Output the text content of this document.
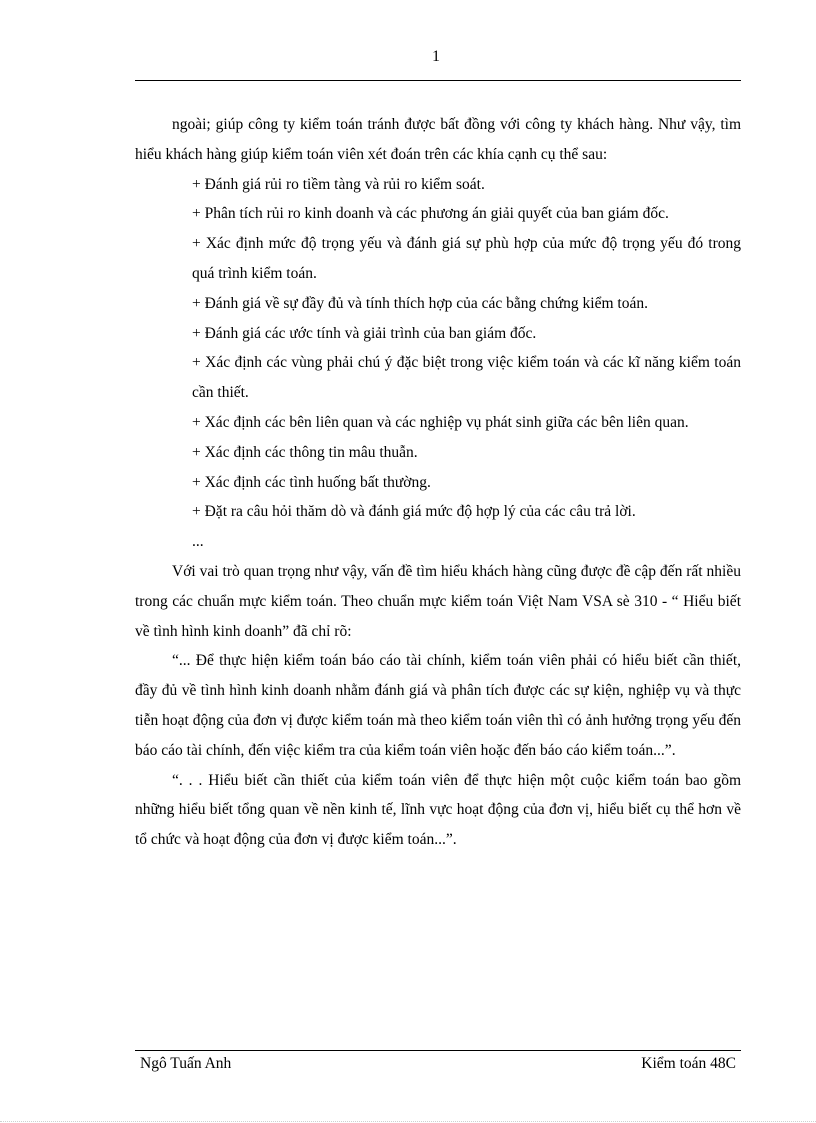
1

ngoài; giúp công ty kiểm toán tránh được bất đồng với công ty khách hàng. Như vậy, tìm hiểu khách hàng giúp kiểm toán viên xét đoán trên các khía cạnh cụ thể sau:

+ Đánh giá rủi ro tiềm tàng và rủi ro kiểm soát.

+ Phân tích rủi ro kinh doanh và các phương án giải quyết của ban giám đốc.

+ Xác định mức độ trọng yếu và đánh giá sự phù hợp của mức độ trọng yếu đó trong quá trình kiểm toán.

+ Đánh giá về sự đầy đủ và tính thích hợp của các bằng chứng kiểm toán.

+ Đánh giá các ước tính và giải trình của ban giám đốc.

+ Xác định các vùng phải chú ý đặc biệt trong việc kiểm toán và các kĩ năng kiểm toán cần thiết.

+ Xác định các bên liên quan và các nghiệp vụ phát sinh giữa các bên liên quan.

+ Xác định các thông tin mâu thuẫn.

+ Xác định các tình huống bất thường.

+ Đặt ra câu hỏi thăm dò và đánh giá mức độ hợp lý của các câu trả lời.

...

Với vai trò quan trọng như vậy, vấn đề tìm hiểu khách hàng cũng được đề cập đến rất nhiều trong các chuẩn mực kiểm toán. Theo chuẩn mực kiểm toán Việt Nam VSA sè 310 - “ Hiểu biết về tình hình kinh doanh” đã chỉ rõ:

“... Để thực hiện kiểm toán báo cáo tài chính, kiểm toán viên phải có hiểu biết cần thiết, đầy đủ về tình hình kinh doanh nhằm đánh giá và phân tích được các sự kiện, nghiệp vụ và thực tiễn hoạt động của đơn vị được kiểm toán mà theo kiểm toán viên thì có ảnh hưởng trọng yếu đến báo cáo tài chính, đến việc kiểm tra của kiểm toán viên hoặc đến báo cáo kiểm toán...”.

“. . . Hiểu biết cần thiết của kiểm toán viên để thực hiện một cuộc kiểm toán bao gồm những hiểu biết tổng quan về nền kinh tế, lĩnh vực hoạt động của đơn vị, hiểu biết cụ thể hơn về tổ chức và hoạt động của đơn vị được kiểm toán...”.

Ngô Tuấn Anh	Kiểm toán 48C
